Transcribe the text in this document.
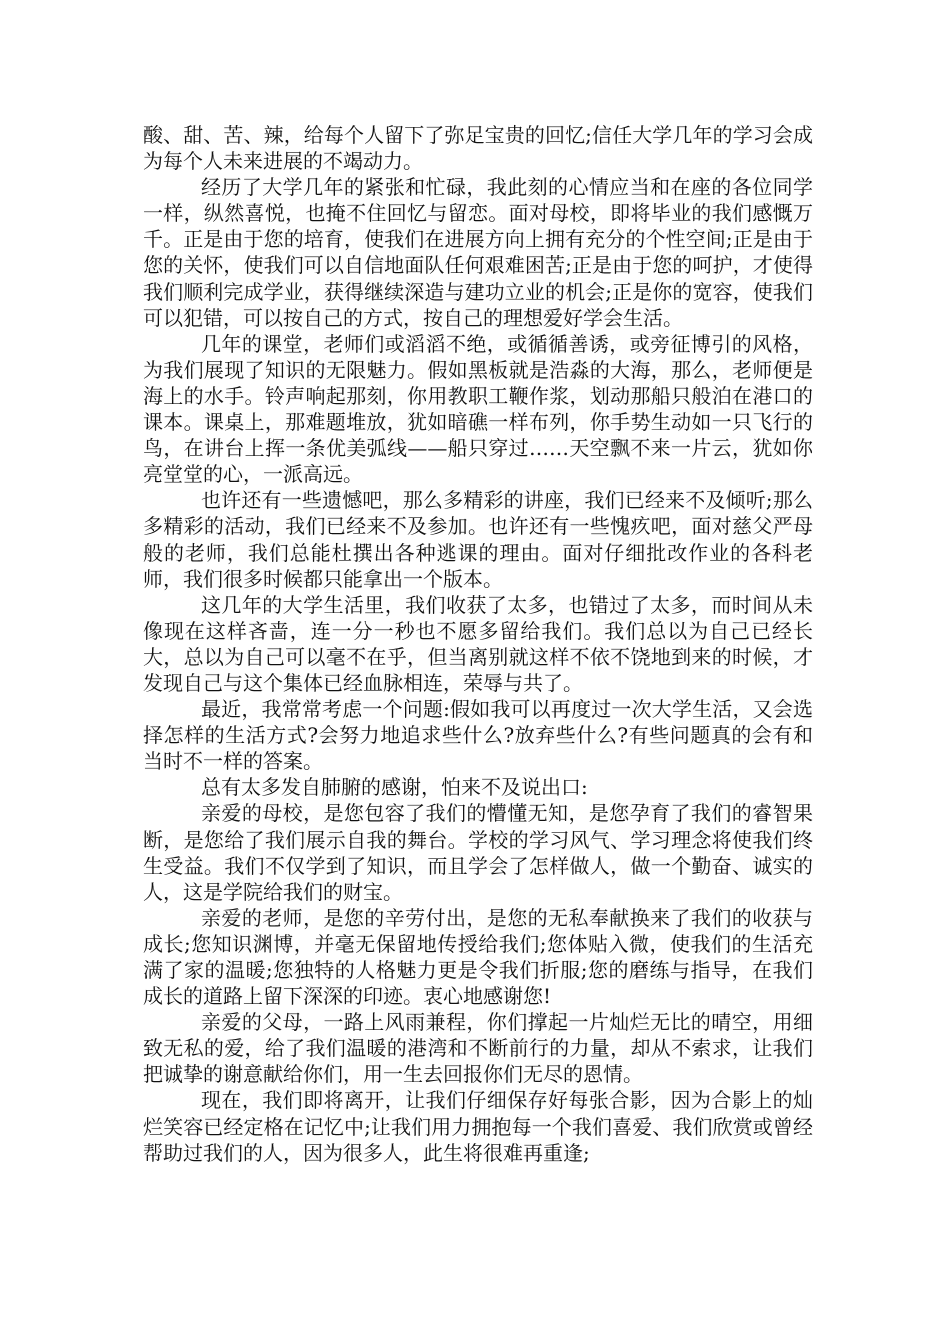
酸、甜、苦、辣，给每个人留下了弥足宝贵的回忆;信任大学几年的学习会成为每个人未来进展的不竭动力。

经历了大学几年的紧张和忙碌，我此刻的心情应当和在座的各位同学一样，纵然喜悦，也掩不住回忆与留恋。面对母校，即将毕业的我们感慨万千。正是由于您的培育，使我们在进展方向上拥有充分的个性空间;正是由于您的关怀，使我们可以自信地面队任何艰难困苦;正是由于您的呵护，才使得我们顺利完成学业，获得继续深造与建功立业的机会;正是你的宽容，使我们可以犯错，可以按自己的方式，按自己的理想爱好学会生活。

几年的课堂，老师们或滔滔不绝，或循循善诱，或旁征博引的风格，为我们展现了知识的无限魅力。假如黑板就是浩淼的大海，那么，老师便是海上的水手。铃声响起那刻，你用教职工鞭作浆，划动那船只般泊在港口的课本。课桌上，那难题堆放，犹如暗礁一样布列，你手势生动如一只飞行的鸟，在讲台上挥一条优美弧线——船只穿过……天空飘不来一片云，犹如你亮堂堂的心，一派高远。

也许还有一些遗憾吧，那么多精彩的讲座，我们已经来不及倾听;那么多精彩的活动，我们已经来不及参加。也许还有一些愧疚吧，面对慈父严母般的老师，我们总能杜撰出各种逃课的理由。面对仔细批改作业的各科老师，我们很多时候都只能拿出一个版本。

这几年的大学生活里，我们收获了太多，也错过了太多，而时间从未像现在这样吝啬，连一分一秒也不愿多留给我们。我们总以为自己已经长大，总以为自己可以毫不在乎，但当离别就这样不依不饶地到来的时候，才发现自己与这个集体已经血脉相连，荣辱与共了。

最近，我常常考虑一个问题:假如我可以再度过一次大学生活，又会选择怎样的生活方式?会努力地追求些什么?放弃些什么?有些问题真的会有和当时不一样的答案。

总有太多发自肺腑的感谢，怕来不及说出口:

亲爱的母校，是您包容了我们的懵懂无知，是您孕育了我们的睿智果断，是您给了我们展示自我的舞台。学校的学习风气、学习理念将使我们终生受益。我们不仅学到了知识，而且学会了怎样做人，做一个勤奋、诚实的人，这是学院给我们的财宝。

亲爱的老师，是您的辛劳付出，是您的无私奉献换来了我们的收获与成长;您知识渊博，并毫无保留地传授给我们;您体贴入微，使我们的生活充满了家的温暖;您独特的人格魅力更是令我们折服;您的磨练与指导，在我们成长的道路上留下深深的印迹。衷心地感谢您!

亲爱的父母，一路上风雨兼程，你们撑起一片灿烂无比的晴空，用细致无私的爱，给了我们温暖的港湾和不断前行的力量，却从不索求，让我们把诚挚的谢意献给你们，用一生去回报你们无尽的恩情。

现在，我们即将离开，让我们仔细保存好每张合影，因为合影上的灿烂笑容已经定格在记忆中;让我们用力拥抱每一个我们喜爱、我们欣赏或曾经帮助过我们的人，因为很多人，此生将很难再重逢;
